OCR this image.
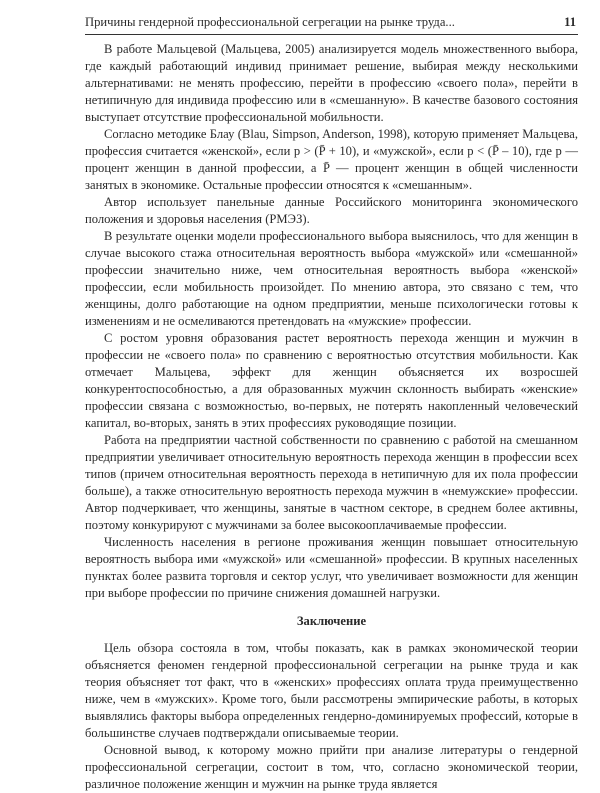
Причины гендерной профессиональной сегрегации на рынке труда...	11

В работе Мальцевой (Мальцева, 2005) анализируется модель множественного выбора, где каждый работающий индивид принимает решение, выбирая между несколькими альтернативами: не менять профессию, перейти в профессию «своего пола», перейти в нетипичную для индивида профессию или в «смешанную». В качестве базового состояния выступает отсутствие профессиональной мобильности.

Согласно методике Блау (Blau, Simpson, Anderson, 1998), которую применяет Мальцева, профессия считается «женской», если p > (P̄ + 10), и «мужской», если p < (P̄ – 10), где p — процент женщин в данной профессии, а P̄ — процент женщин в общей численности занятых в экономике. Остальные профессии относятся к «смешанным».

Автор использует панельные данные Российского мониторинга экономического положения и здоровья населения (РМЭЗ).

В результате оценки модели профессионального выбора выяснилось, что для женщин в случае высокого стажа относительная вероятность выбора «мужской» или «смешанной» профессии значительно ниже, чем относительная вероятность выбора «женской» профессии, если мобильность произойдет. По мнению автора, это связано с тем, что женщины, долго работающие на одном предприятии, меньше психологически готовы к изменениям и не осмеливаются претендовать на «мужские» профессии.

С ростом уровня образования растет вероятность перехода женщин и мужчин в профессии не «своего пола» по сравнению с вероятностью отсутствия мобильности. Как отмечает Мальцева, эффект для женщин объясняется их возросшей конкурентоспособностью, а для образованных мужчин склонность выбирать «женские» профессии связана с возможностью, во-первых, не потерять накопленный человеческий капитал, во-вторых, занять в этих профессиях руководящие позиции.

Работа на предприятии частной собственности по сравнению с работой на смешанном предприятии увеличивает относительную вероятность перехода женщин в профессии всех типов (причем относительная вероятность перехода в нетипичную для их пола профессии больше), а также относительную вероятность перехода мужчин в «немужские» профессии. Автор подчеркивает, что женщины, занятые в частном секторе, в среднем более активны, поэтому конкурируют с мужчинами за более высокооплачиваемые профессии.

Численность населения в регионе проживания женщин повышает относительную вероятность выбора ими «мужской» или «смешанной» профессии. В крупных населенных пунктах более развита торговля и сектор услуг, что увеличивает возможности для женщин при выборе профессии по причине снижения домашней нагрузки.

Заключение

Цель обзора состояла в том, чтобы показать, как в рамках экономической теории объясняется феномен гендерной профессиональной сегрегации на рынке труда и как теория объясняет тот факт, что в «женских» профессиях оплата труда преимущественно ниже, чем в «мужских». Кроме того, были рассмотрены эмпирические работы, в которых выявлялись факторы выбора определенных гендерно-доминируемых профессий, которые в большинстве случаев подтверждали описываемые теории.

Основной вывод, к которому можно прийти при анализе литературы о гендерной профессиональной сегрегации, состоит в том, что, согласно экономической теории, различное положение женщин и мужчин на рынке труда является
